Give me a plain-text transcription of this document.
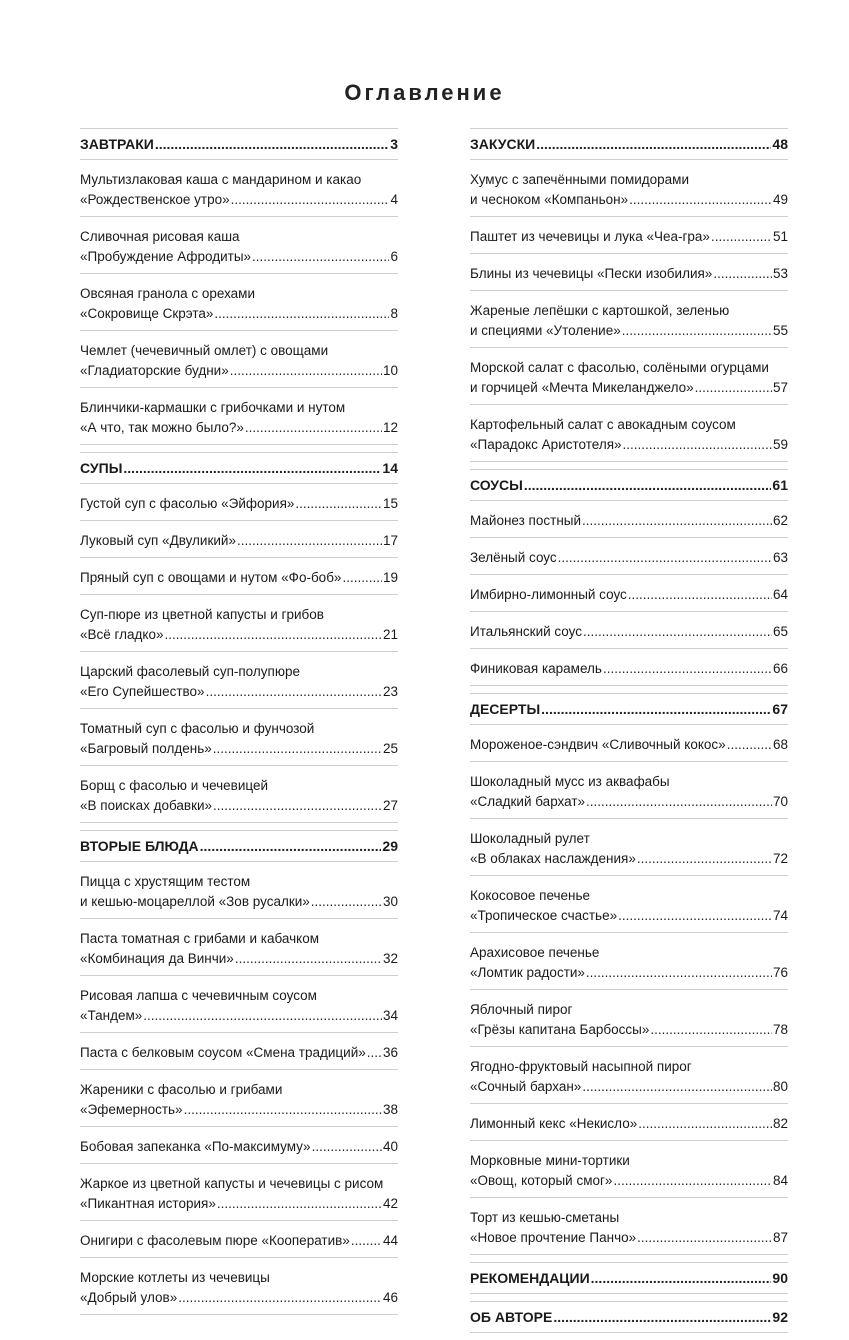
Оглавление
ЗАВТРАКИ .....	3
Мультизлаковая каша с мандарином и какао
«Рождественское утро» .....	4
Сливочная рисовая каша
«Пробуждение Афродиты» .....	6
Овсяная гранола с орехами
«Сокровище Скрэта» .....	8
Чемлет (чечевичный омлет) с овощами
«Гладиаторские будни» .....	10
Блинчики-кармашки с грибочками и нутом
«А что, так можно было?» .....	12
СУПЫ .....	14
Густой суп с фасолью «Эйфория» .....	15
Луковый суп «Двуликий» .....	17
Пряный суп с овощами и нутом «Фо-боб» .....	19
Суп-пюре из цветной капусты и грибов
«Всё гладко» .....	21
Царский фасолевый суп-полупюре
«Его Супейшество» .....	23
Томатный суп с фасолью и фунчозой
«Багровый полдень» .....	25
Борщ с фасолью и чечевицей
«В поисках добавки» .....	27
ВТОРЫЕ БЛЮДА .....	29
Пицца с хрустящим тестом
и кешью-моцареллой «Зов русалки» .....	30
Паста томатная с грибами и кабачком
«Комбинация да Винчи» .....	32
Рисовая лапша с чечевичным соусом
«Тандем» .....	34
Паста с белковым соусом «Смена традиций» ..... 36
Жареники с фасолью и грибами
«Эфемерность» .....	38
Бобовая запеканка «По-максимуму» .....	40
Жаркое из цветной капусты и чечевицы с рисом
«Пикантная история» .....	42
Онигири с фасолевым пюре «Кооператив» ..... 44
Морские котлеты из чечевицы
«Добрый улов» .....	46
ЗАКУСКИ .....	48
Хумус с запечёнными помидорами
и чесноком «Компаньон» .....	49
Паштет из чечевицы и лука «Чеа-гра» .....	51
Блины из чечевицы «Пески изобилия» .....	53
Жареные лепёшки с картошкой, зеленью
и специями «Утоление» .....	55
Морской салат с фасолью, солёными огурцами
и горчицей «Мечта Микеланджело» .....	57
Картофельный салат с авокадным соусом
«Парадокс Аристотеля» .....	59
СОУСЫ .....	61
Майонез постный .....	62
Зелёный соус .....	63
Имбирно-лимонный соус .....	64
Итальянский соус .....	65
Финиковая карамель .....	66
ДЕСЕРТЫ .....	67
Мороженое-сэндвич «Сливочный кокос» .....	68
Шоколадный мусс из аквафабы
«Сладкий бархат» .....	70
Шоколадный рулет
«В облаках наслаждения» .....	72
Кокосовое печенье
«Тропическое счастье» .....	74
Арахисовое печенье
«Ломтик радости» .....	76
Яблочный пирог
«Грёзы капитана Барбоссы» .....	78
Ягодно-фруктовый насыпной пирог
«Сочный бархан» .....	80
Лимонный кекс «Некисло» .....	82
Морковные мини-тортики
«Овощ, который смог» .....	84
Торт из кешью-сметаны
«Новое прочтение Панчо» .....	87
РЕКОМЕНДАЦИИ .....	90
ОБ АВТОРЕ .....	92
